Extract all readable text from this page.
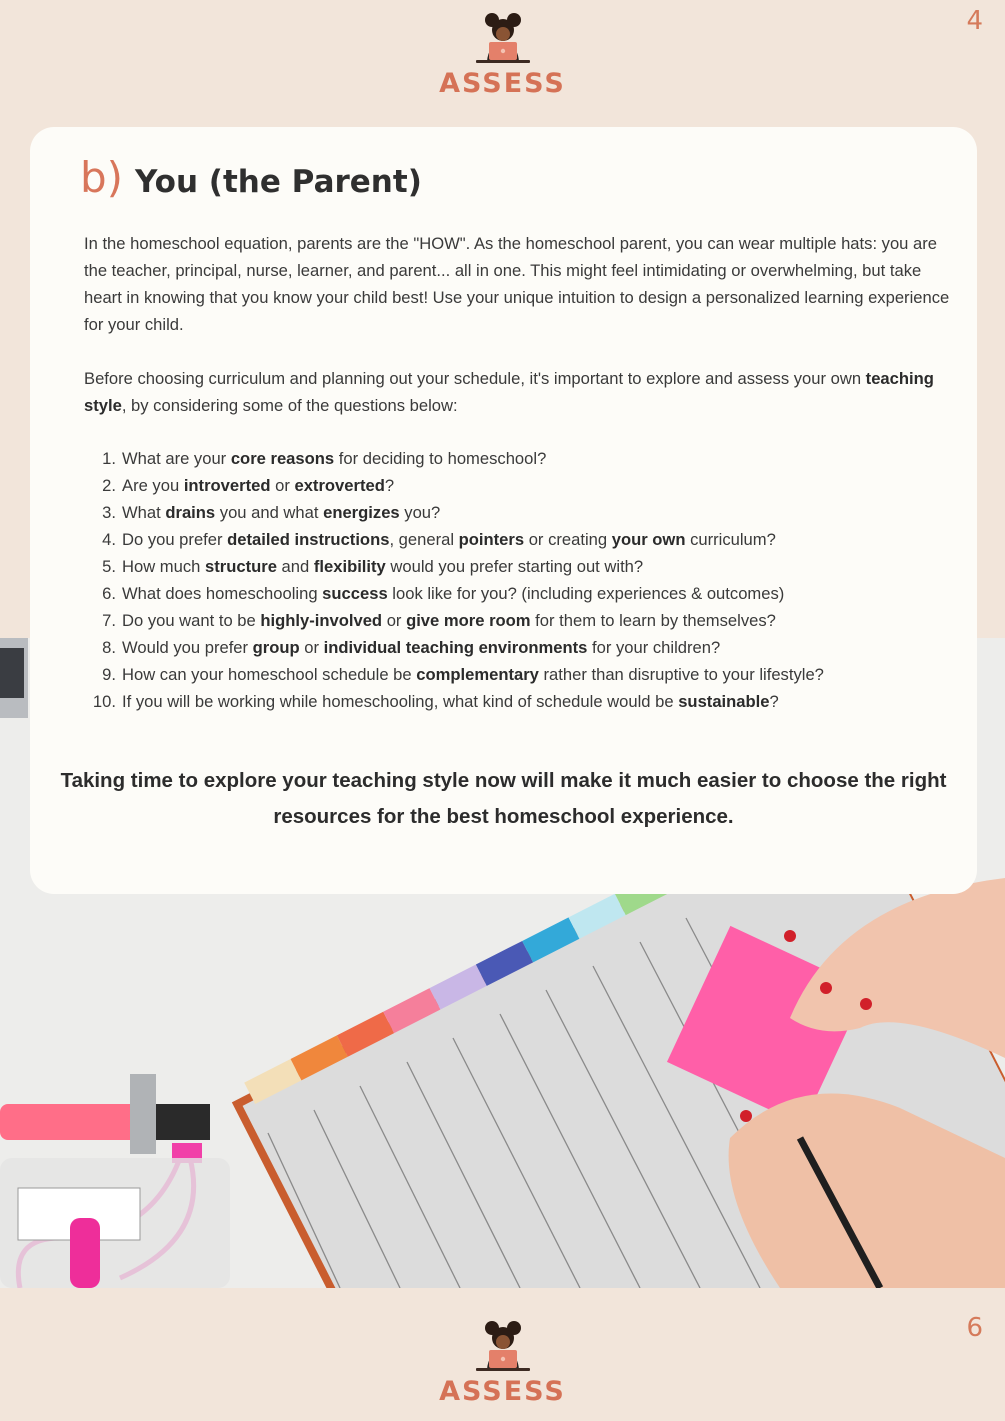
4
ASSESS
b) You (the Parent)

In the homeschool equation, parents are the "HOW". As the homeschool parent, you can wear multiple hats: you are the teacher, principal, nurse, learner, and parent... all in one. This might feel intimidating or overwhelming, but take heart in knowing that you know your child best! Use your unique intuition to design a personalized learning experience for your child.

Before choosing curriculum and planning out your schedule, it's important to explore and assess your own teaching style, by considering some of the questions below:

1. What are your core reasons for deciding to homeschool?
2. Are you introverted or extroverted?
3. What drains you and what energizes you?
4. Do you prefer detailed instructions, general pointers or creating your own curriculum?
5. How much structure and flexibility would you prefer starting out with?
6. What does homeschooling success look like for you? (including experiences & outcomes)
7. Do you want to be highly-involved or give more room for them to learn by themselves?
8. Would you prefer group or individual teaching environments for your children?
9. How can your homeschool schedule be complementary rather than disruptive to your lifestyle?
10. If you will be working while homeschooling, what kind of schedule would be sustainable?

Taking time to explore your teaching style now will make it much easier to choose the right resources for the best homeschool experience.

6
ASSESS
